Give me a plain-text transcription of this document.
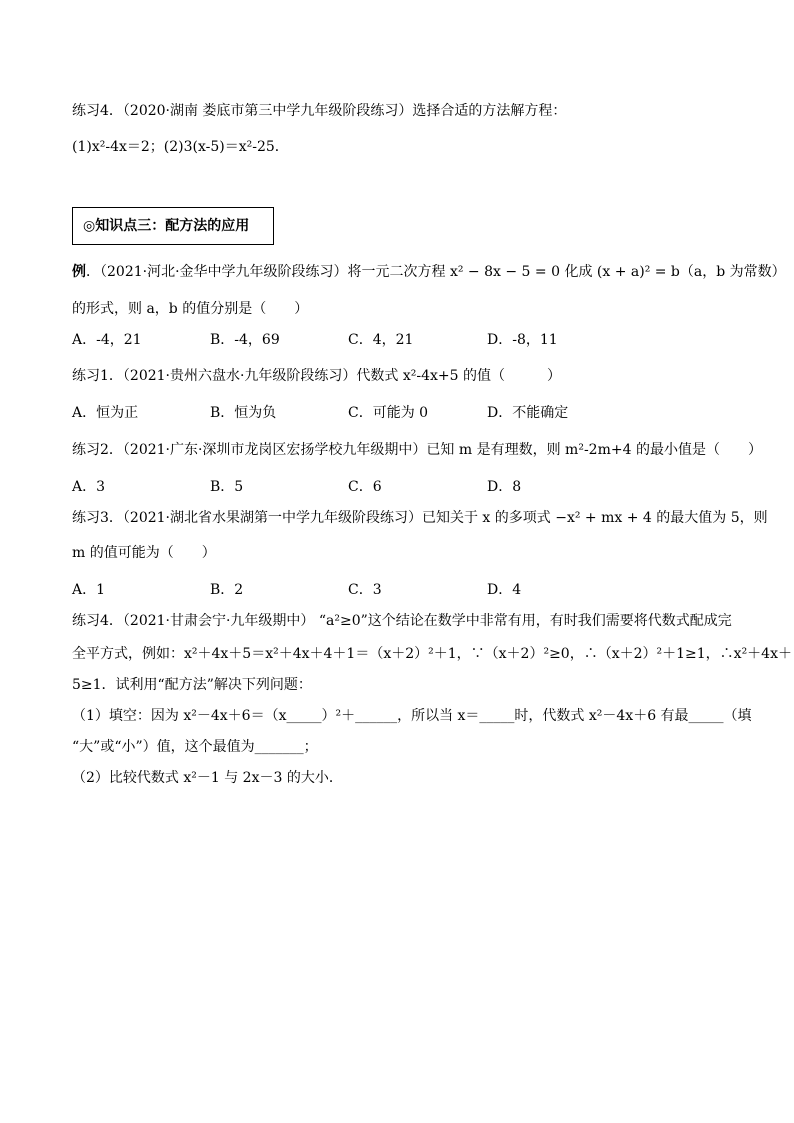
练习4．（2020·湖南 娄底市第三中学九年级阶段练习）选择合适的方法解方程：
(1)x²-4x＝2；(2)3(x-5)＝x²-25．
◎知识点三：配方法的应用
例．（2021·河北·金华中学九年级阶段练习）将一元二次方程 x² − 8x − 5 = 0 化成 (x + a)² = b（a，b 为常数）
的形式，则 a，b 的值分别是（　　）
A．-4，21	B．-4，69	C．4，21	D．-8，11
练习1．（2021·贵州六盘水·九年级阶段练习）代数式 x²-4x+5 的值（　　　）
A．恒为正	B．恒为负	C．可能为 0	D．不能确定
练习2．（2021·广东·深圳市龙岗区宏扬学校九年级期中）已知 m 是有理数，则 m²-2m+4 的最小值是（　　）
A．3	B．5	C．6	D．8
练习3．（2021·湖北省水果湖第一中学九年级阶段练习）已知关于 x 的多项式 −x² + mx + 4 的最大值为 5，则
m 的值可能为（　　）
A．1	B．2	C．3	D．4
练习4．（2021·甘肃会宁·九年级期中） “a²≥0”这个结论在数学中非常有用，有时我们需要将代数式配成完
全平方式，例如：x²＋4x＋5＝x²＋4x＋4＋1＝（x＋2）²＋1，∵（x＋2）²≥0，∴（x＋2）²＋1≥1，∴x²＋4x＋
5≥1．试利用“配方法”解决下列问题：
（1）填空：因为 x²－4x＋6＝（x_____）²＋______，所以当 x＝_____时，代数式 x²－4x＋6 有最_____（填
“大”或“小”）值，这个最值为_______；
（2）比较代数式 x²－1 与 2x－3 的大小．
